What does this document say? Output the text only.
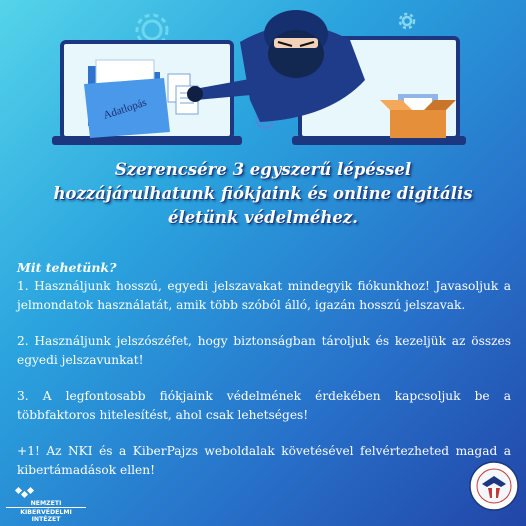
Adatlopás
Szerencsére 3 egyszerű lépéssel
hozzájárulhatunk fiókjaink és online digitális
életünk védelméhez.
Mit tehetünk?

1. Használjunk hosszú, egyedi jelszavakat mindegyik fiókunkhoz! Javasoljuk a jelmondatok használatát, amik több szóból álló, igazán hosszú jelszavak.

2. Használjunk jelszószéfet, hogy biztonságban tároljuk és kezeljük az összes egyedi jelszavunkat!

3. A legfontosabb fiókjaink védelmének érdekében kapcsoljuk be a többfaktoros hitelesítést, ahol csak lehetséges!

+1! Az NKI és a KiberPajzs weboldalak követésével felvértezheted magad a kibertámadások ellen!

NEMZETI
KIBERVÉDELMI INTÉZET
